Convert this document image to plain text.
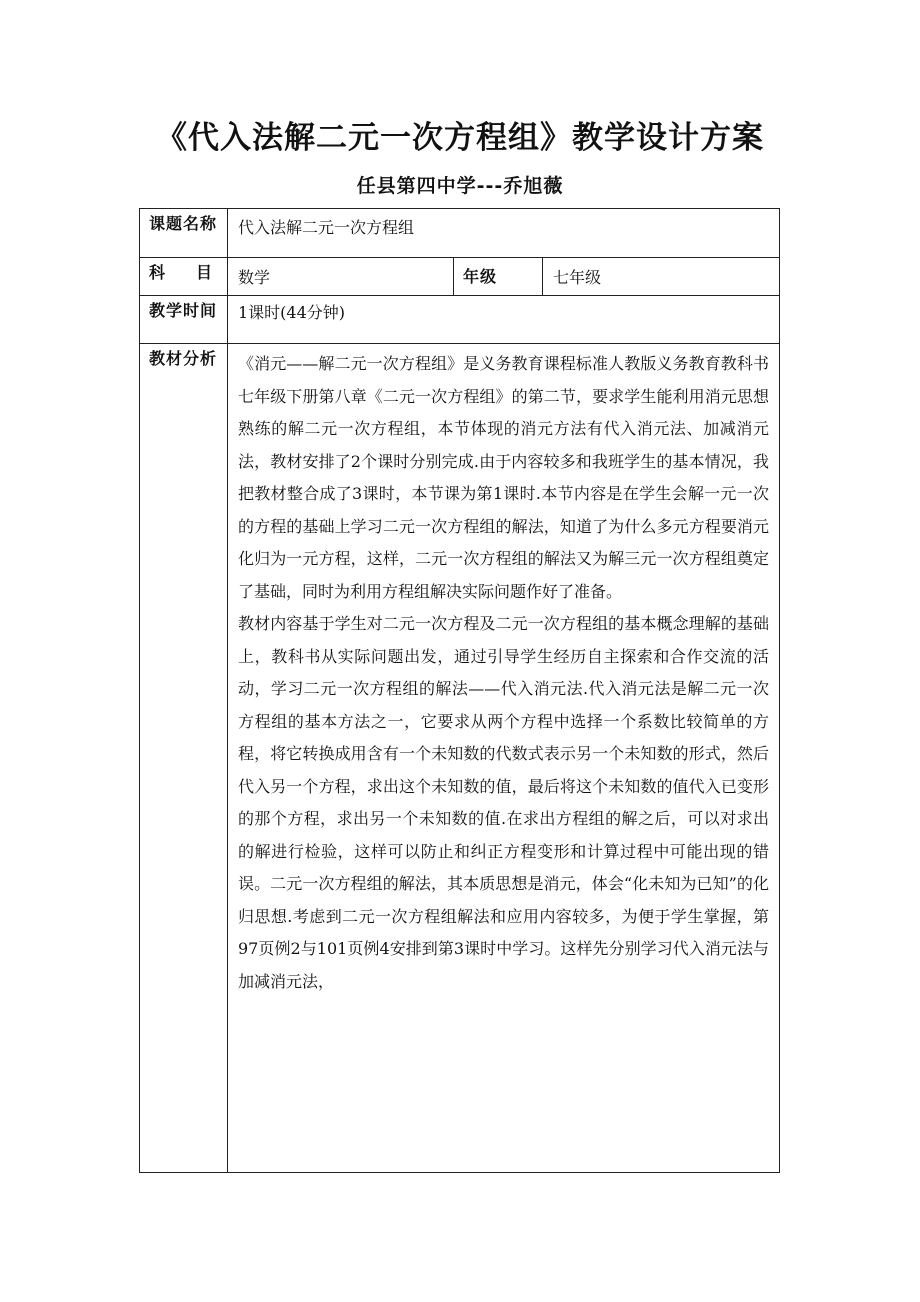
《代入法解二元一次方程组》教学设计方案
任县第四中学---乔旭薇
课题名称	代入法解二元一次方程组		

科 目	数学	年级	七年级
教学时间	1课时(44分钟)		
教材分析	《消元——解二元一次方程组》是义务教育课程标准人教版义务教育教科书七年级下册第八章《二元一次方程组》的第二节，要求学生能利用消元思想熟练的解二元一次方程组，本节体现的消元方法有代入消元法、加减消元法，教材安排了2个课时分别完成.由于内容较多和我班学生的基本情况，我把教材整合成了3课时，本节课为第1课时.本节内容是在学生会解一元一次的方程的基础上学习二元一次方程组的解法，知道了为什么多元方程要消元化归为一元方程，这样，二元一次方程组的解法又为解三元一次方程组奠定了基础，同时为利用方程组解决实际问题作好了准备。

教材内容基于学生对二元一次方程及二元一次方程组的基本概念理解的基础上，教科书从实际问题出发，通过引导学生经历自主探索和合作交流的活动，学习二元一次方程组的解法——代入消元法.代入消元法是解二元一次方程组的基本方法之一，它要求从两个方程中选择一个系数比较简单的方程，将它转换成用含有一个未知数的代数式表示另一个未知数的形式，然后代入另一个方程，求出这个未知数的值，最后将这个未知数的值代入已变形的那个方程，求出另一个未知数的值.在求出方程组的解之后，可以对求出的解进行检验，这样可以防止和纠正方程变形和计算过程中可能出现的错误。二元一次方程组的解法，其本质思想是消元，体会“化未知为已知”的化归思想.考虑到二元一次方程组解法和应用内容较多，为便于学生掌握，第97页例2与101页例4安排到第3课时中学习。这样先分别学习代入消元法与加减消元法，		
